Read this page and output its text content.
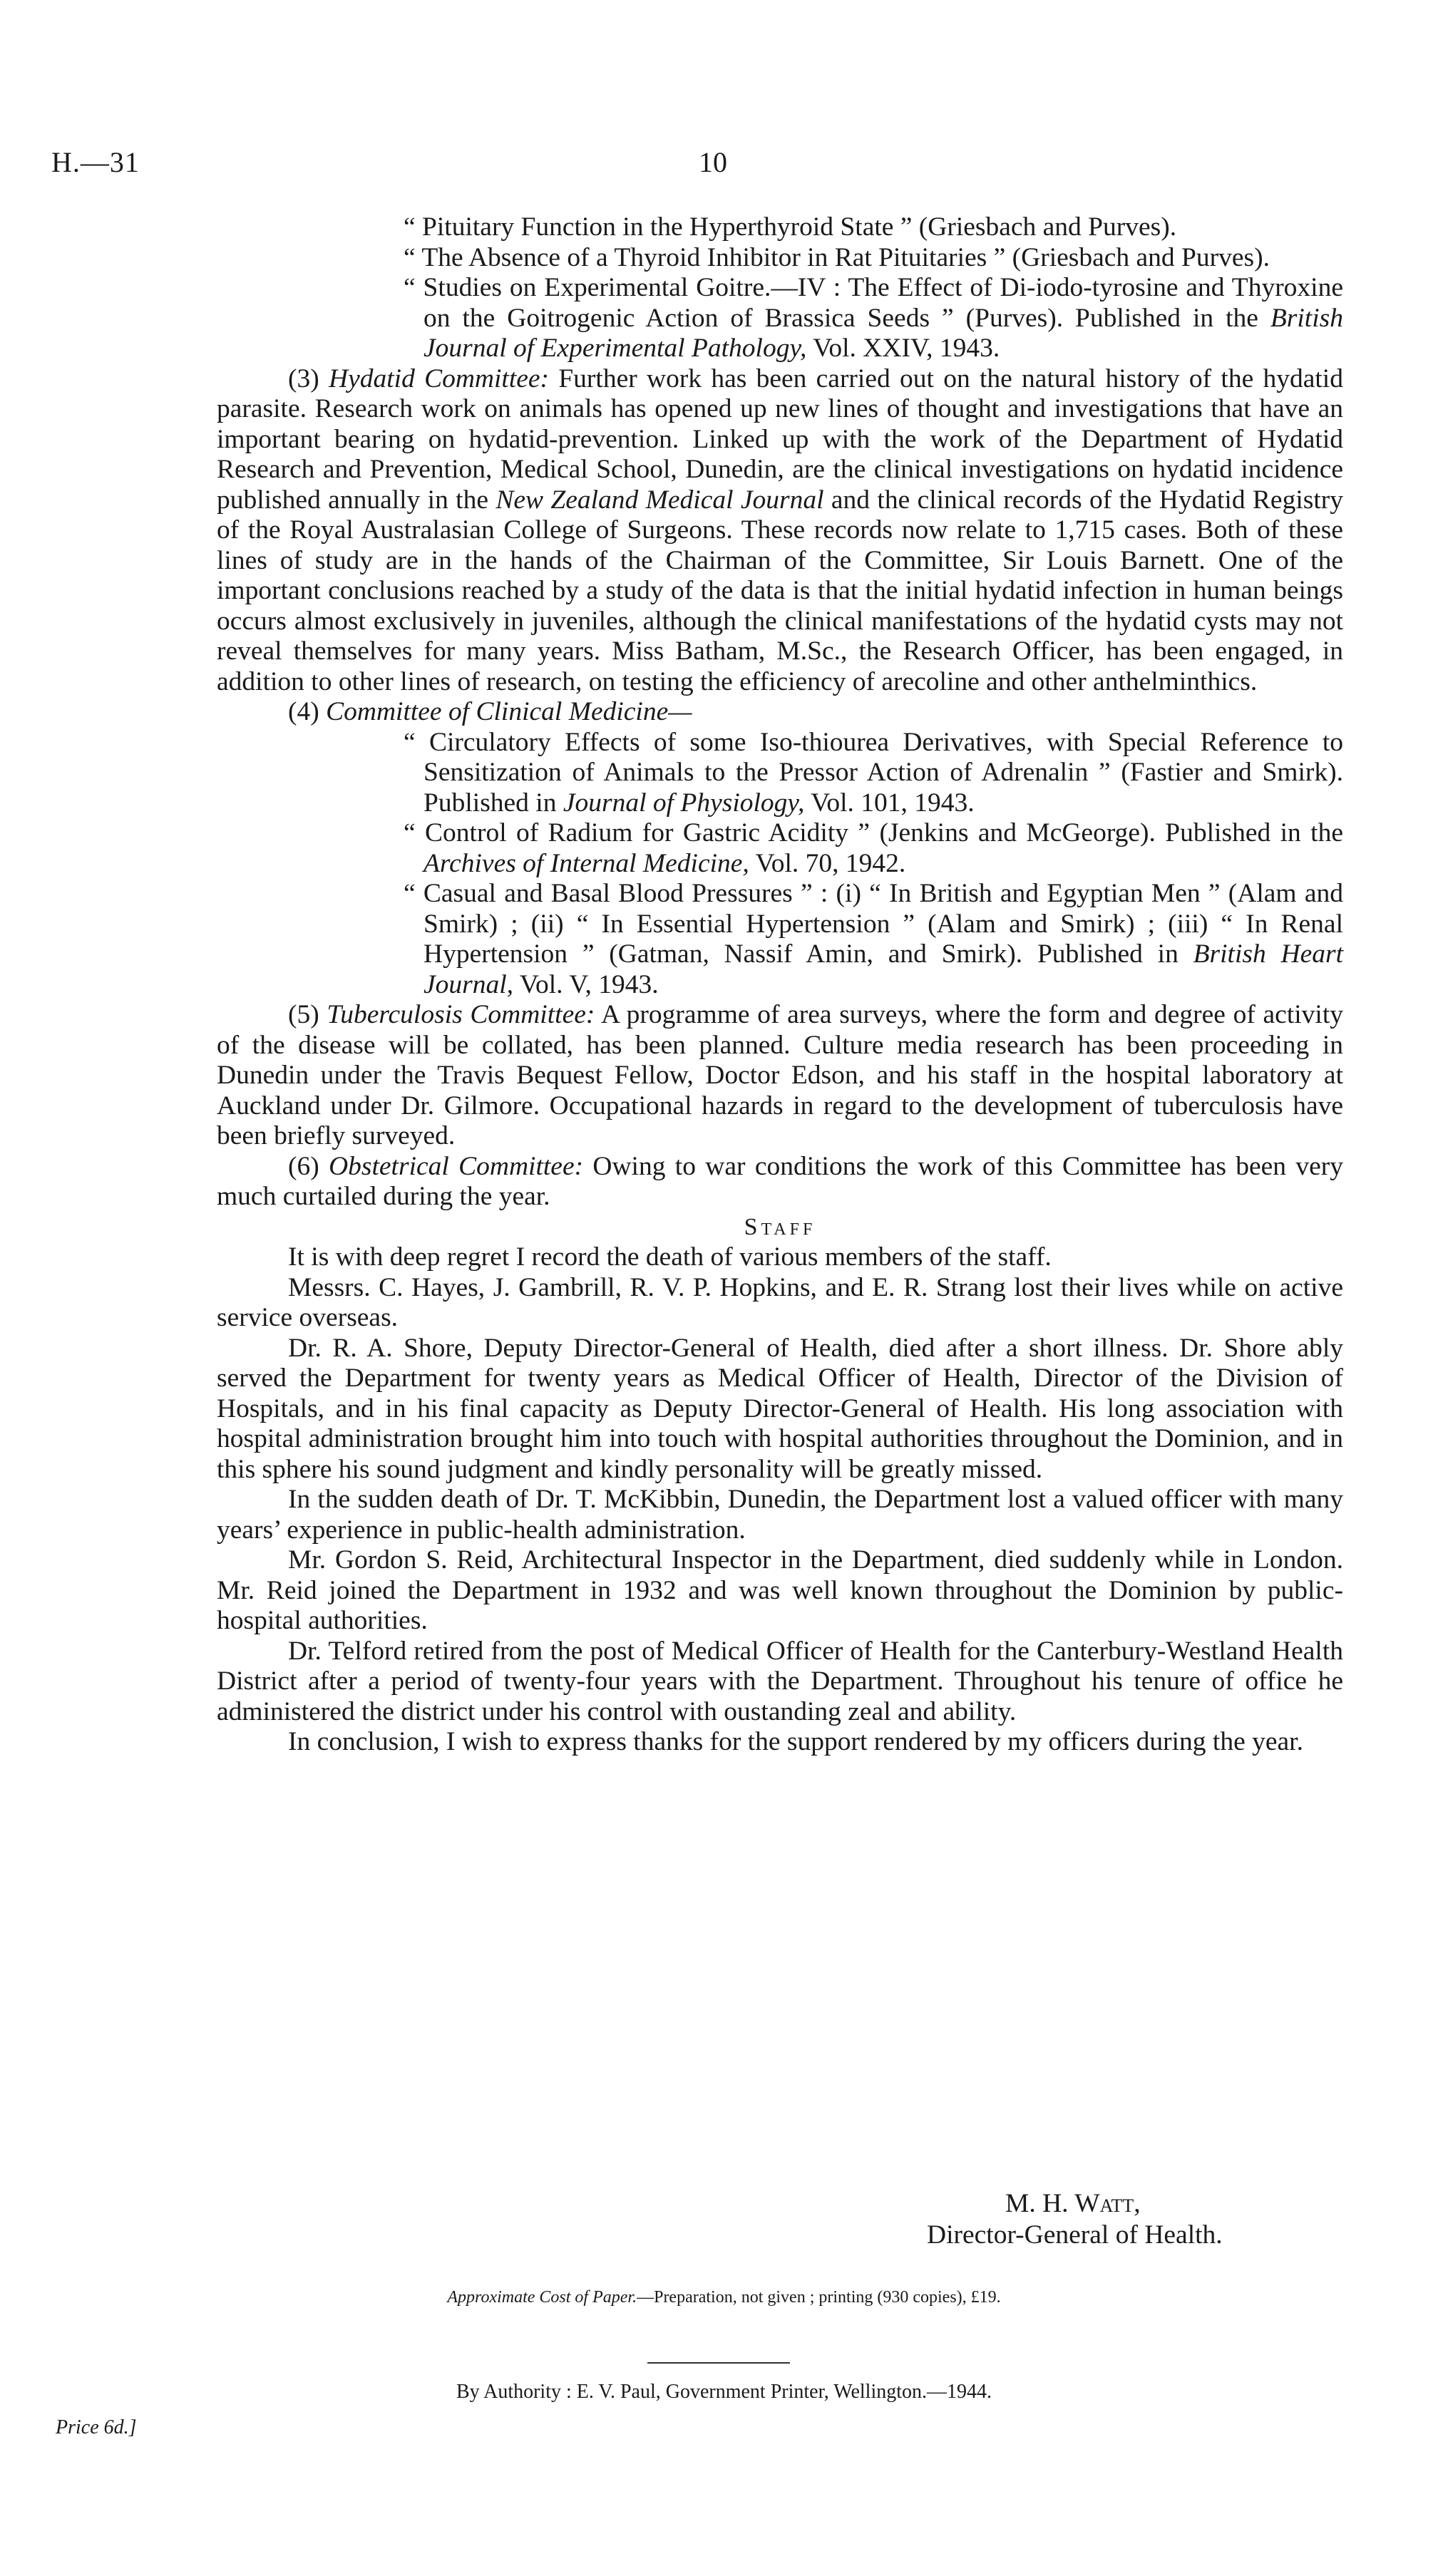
H.—31	10

“ Pituitary Function in the Hyperthyroid State ” (Griesbach and Purves).

“ The Absence of a Thyroid Inhibitor in Rat Pituitaries ” (Griesbach and Purves).

“ Studies on Experimental Goitre.—IV : The Effect of Di-iodo-tyrosine and Thyroxine on the Goitrogenic Action of Brassica Seeds ” (Purves). Published in the British Journal of Experimental Pathology, Vol. XXIV, 1943.

(3) Hydatid Committee: Further work has been carried out on the natural history of the hydatid parasite. Research work on animals has opened up new lines of thought and investigations that have an important bearing on hydatid-prevention. Linked up with the work of the Department of Hydatid Research and Prevention, Medical School, Dunedin, are the clinical investigations on hydatid incidence published annually in the New Zealand Medical Journal and the clinical records of the Hydatid Registry of the Royal Australasian College of Surgeons. These records now relate to 1,715 cases. Both of these lines of study are in the hands of the Chairman of the Committee, Sir Louis Barnett. One of the important conclusions reached by a study of the data is that the initial hydatid infection in human beings occurs almost exclusively in juveniles, although the clinical manifestations of the hydatid cysts may not reveal themselves for many years. Miss Batham, M.Sc., the Research Officer, has been engaged, in addition to other lines of research, on testing the efficiency of arecoline and other anthelminthics.

(4) Committee of Clinical Medicine—

“ Circulatory Effects of some Iso-thiourea Derivatives, with Special Reference to Sensitization of Animals to the Pressor Action of Adrenalin ” (Fastier and Smirk). Published in Journal of Physiology, Vol. 101, 1943.

“ Control of Radium for Gastric Acidity ” (Jenkins and McGeorge). Published in the Archives of Internal Medicine, Vol. 70, 1942.

“ Casual and Basal Blood Pressures ” : (i) “ In British and Egyptian Men ” (Alam and Smirk) ; (ii) “ In Essential Hypertension ” (Alam and Smirk) ; (iii) “ In Renal Hypertension ” (Gatman, Nassif Amin, and Smirk). Published in British Heart Journal, Vol. V, 1943.

(5) Tuberculosis Committee: A programme of area surveys, where the form and degree of activity of the disease will be collated, has been planned. Culture media research has been proceeding in Dunedin under the Travis Bequest Fellow, Doctor Edson, and his staff in the hospital laboratory at Auckland under Dr. Gilmore. Occupational hazards in regard to the development of tuberculosis have been briefly surveyed.

(6) Obstetrical Committee: Owing to war conditions the work of this Committee has been very much curtailed during the year.

Staff

It is with deep regret I record the death of various members of the staff.

Messrs. C. Hayes, J. Gambrill, R. V. P. Hopkins, and E. R. Strang lost their lives while on active service overseas.

Dr. R. A. Shore, Deputy Director-General of Health, died after a short illness. Dr. Shore ably served the Department for twenty years as Medical Officer of Health, Director of the Division of Hospitals, and in his final capacity as Deputy Director-General of Health. His long association with hospital administration brought him into touch with hospital authorities throughout the Dominion, and in this sphere his sound judgment and kindly personality will be greatly missed.

In the sudden death of Dr. T. McKibbin, Dunedin, the Department lost a valued officer with many years’ experience in public-health administration.

Mr. Gordon S. Reid, Architectural Inspector in the Department, died suddenly while in London. Mr. Reid joined the Department in 1932 and was well known throughout the Dominion by public-hospital authorities.

Dr. Telford retired from the post of Medical Officer of Health for the Canterbury-Westland Health District after a period of twenty-four years with the Department. Throughout his tenure of office he administered the district under his control with oustanding zeal and ability.

In conclusion, I wish to express thanks for the support rendered by my officers during the year.

M. H. Watt,
Director-General of Health.
Approximate Cost of Paper.—Preparation, not given ; printing (930 copies), £19.
By Authority : E. V. Paul, Government Printer, Wellington.—1944.
Price 6d.]
